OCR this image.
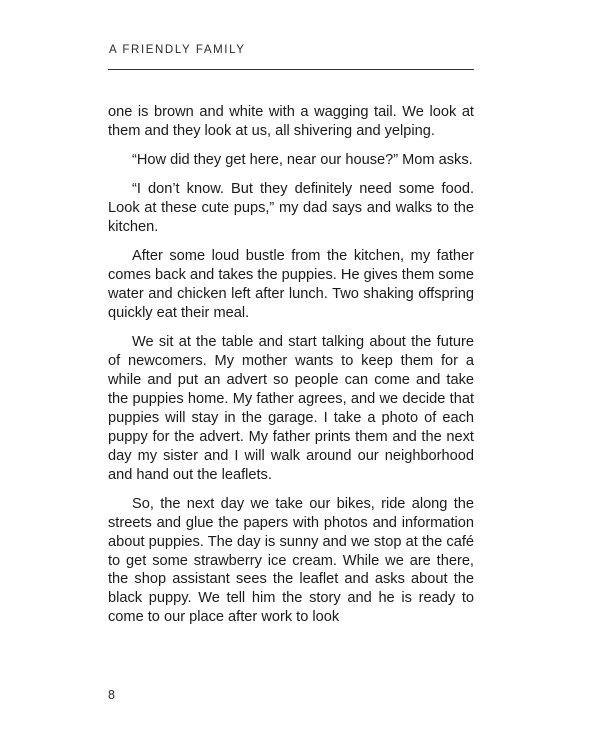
A FRIENDLY FAMILY

one is brown and white with a wagging tail. We look at them and they look at us, all shivering and yelping.

“How did they get here, near our house?” Mom asks.

“I don’t know. But they definitely need some food. Look at these cute pups,” my dad says and walks to the kitchen.

After some loud bustle from the kitchen, my father comes back and takes the puppies. He gives them some water and chicken left after lunch. Two shaking offspring quickly eat their meal.

We sit at the table and start talking about the future of newcomers. My mother wants to keep them for a while and put an advert so people can come and take the puppies home. My father agrees, and we decide that puppies will stay in the garage. I take a photo of each puppy for the advert. My father prints them and the next day my sister and I will walk around our neighborhood and hand out the leaflets.

So, the next day we take our bikes, ride along the streets and glue the papers with photos and information about puppies. The day is sunny and we stop at the café to get some strawberry ice cream. While we are there, the shop assistant sees the leaflet and asks about the black puppy. We tell him the story and he is ready to come to our place after work to look

8
